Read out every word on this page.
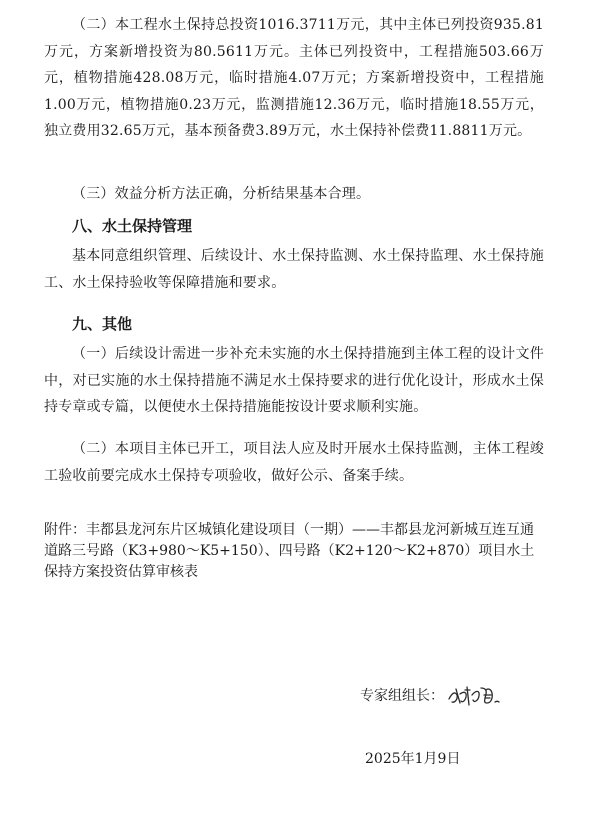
（二）本工程水土保持总投资1016.3711万元，其中主体已列投资935.81万元，方案新增投资为80.5611万元。主体已列投资中，工程措施503.66万元，植物措施428.08万元，临时措施4.07万元；方案新增投资中，工程措施1.00万元，植物措施0.23万元，监测措施12.36万元，临时措施18.55万元，独立费用32.65万元，基本预备费3.89万元，水土保持补偿费11.8811万元。

（三）效益分析方法正确，分析结果基本合理。

八、水土保持管理

基本同意组织管理、后续设计、水土保持监测、水土保持监理、水土保持施工、水土保持验收等保障措施和要求。

九、其他

（一）后续设计需进一步补充未实施的水土保持措施到主体工程的设计文件中，对已实施的水土保持措施不满足水土保持要求的进行优化设计，形成水土保持专章或专篇，以便使水土保持措施能按设计要求顺利实施。

（二）本项目主体已开工，项目法人应及时开展水土保持监测，主体工程竣工验收前要完成水土保持专项验收，做好公示、备案手续。

附件：丰都县龙河东片区城镇化建设项目（一期）——丰都县龙河新城互连互通道路三号路（K3+980～K5+150）、四号路（K2+120～K2+870）项目水土保持方案投资估算审核表

专家组组长：
2025年1月9日
